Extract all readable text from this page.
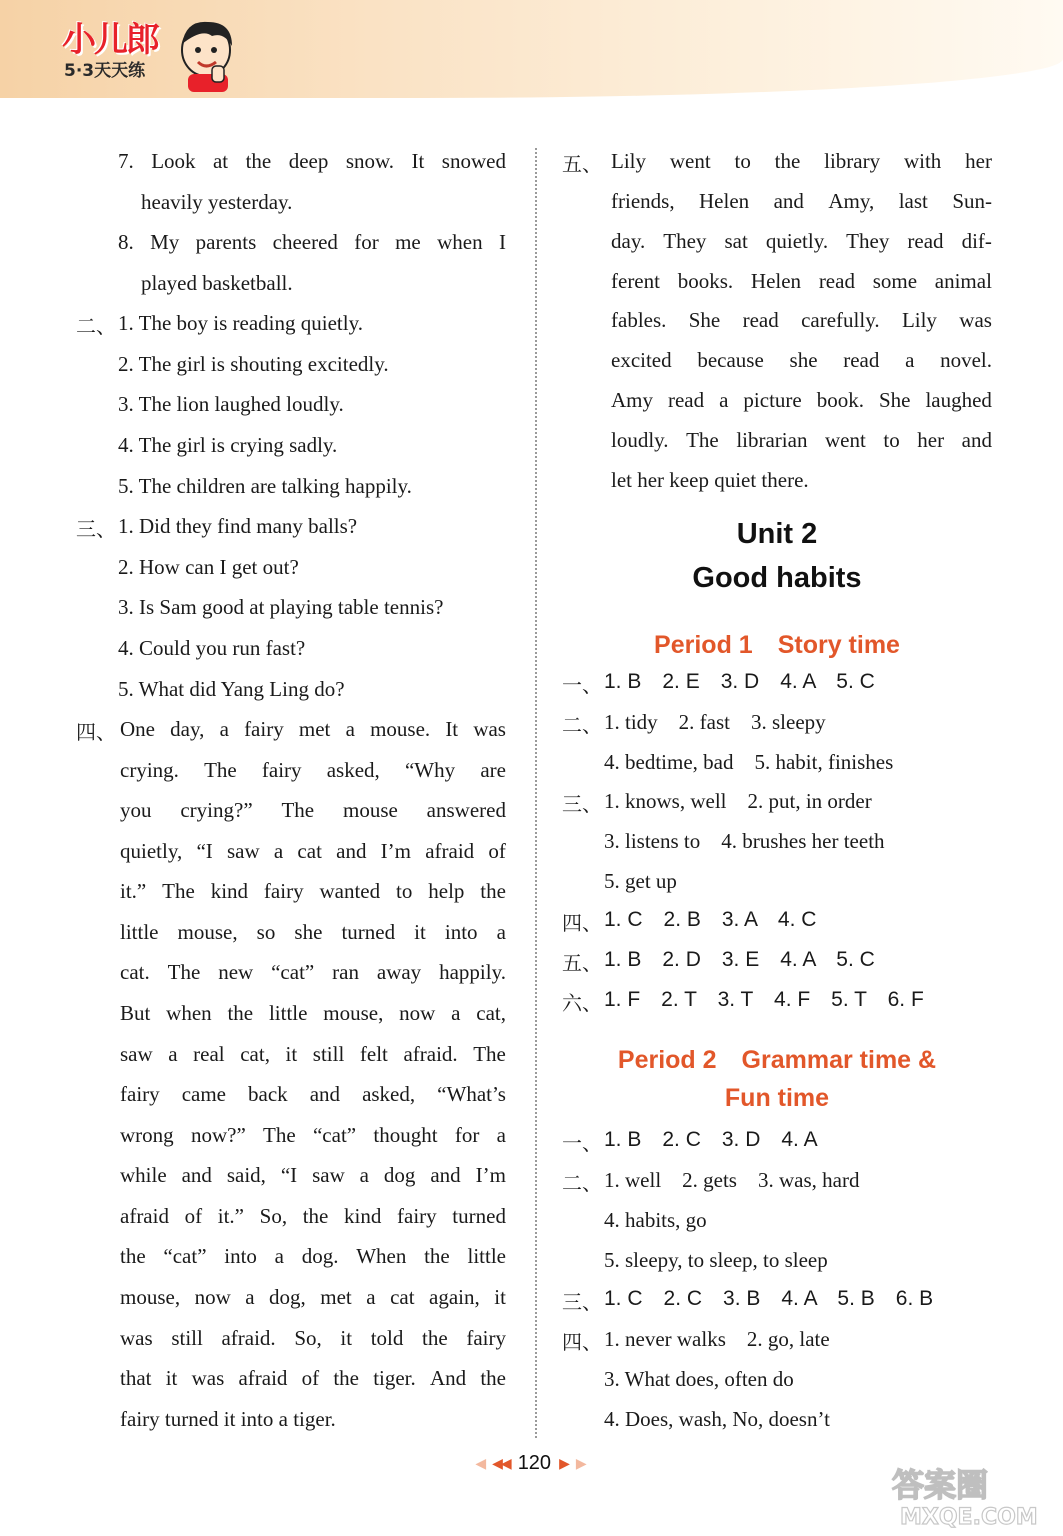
小儿郎
5·3天天练
7. Look at the deep snow. It snowed
heavily yesterday.
8. My parents cheered for me when I
played basketball.
二、 1. The boy is reading quietly.
2. The girl is shouting excitedly.
3. The lion laughed loudly.
4. The girl is crying sadly.
5. The children are talking happily.
三、 1. Did they find many balls?
2. How can I get out?
3. Is Sam good at playing table tennis?
4. Could you run fast?
5. What did Yang Ling do?
四、 One day, a fairy met a mouse. It was
crying. The fairy asked, “Why are
you crying?” The mouse answered
quietly, “I saw a cat and I’m afraid of
it.” The kind fairy wanted to help the
little mouse, so she turned it into a
cat. The new “cat” ran away happily.
But when the little mouse, now a cat,
saw a real cat, it still felt afraid. The
fairy came back and asked, “What’s
wrong now?” The “cat” thought for a
while and said, “I saw a dog and I’m
afraid of it.” So, the kind fairy turned
the “cat” into a dog. When the little
mouse, now a dog, met a cat again, it
was still afraid. So, it told the fairy
that it was afraid of the tiger. And the
fairy turned it into a tiger.
五、 Lily went to the library with her
friends, Helen and Amy, last Sun-
day. They sat quietly. They read dif-
ferent books. Helen read some animal
fables. She read carefully. Lily was
excited because she read a novel.
Amy read a picture book. She laughed
loudly. The librarian went to her and
let her keep quiet there.
Unit 2
Good habits
Period 1　Story time
一、 1. B　2. E　3. D　4. A　5. C
二、 1. tidy　2. fast　3. sleepy
4. bedtime, bad　5. habit, finishes
三、 1. knows, well　2. put, in order
3. listens to　4. brushes her teeth
5. get up
四、 1. C　2. B　3. A　4. C
五、 1. B　2. D　3. E　4. A　5. C
六、 1. F　2. T　3. T　4. F　5. T　6. F
Period 2　Grammar time &
Fun time
一、 1. B　2. C　3. D　4. A
二、 1. well　2. gets　3. was, hard
4. habits, go
5. sleepy, to sleep, to sleep
三、 1. C　2. C　3. B　4. A　5. B　6. B
四、 1. never walks　2. go, late
3. What does, often do
4. Does, wash, No, doesn’t
◀ ◀◀ 120 ▶ ▶
答案圈
MXQE.COM
